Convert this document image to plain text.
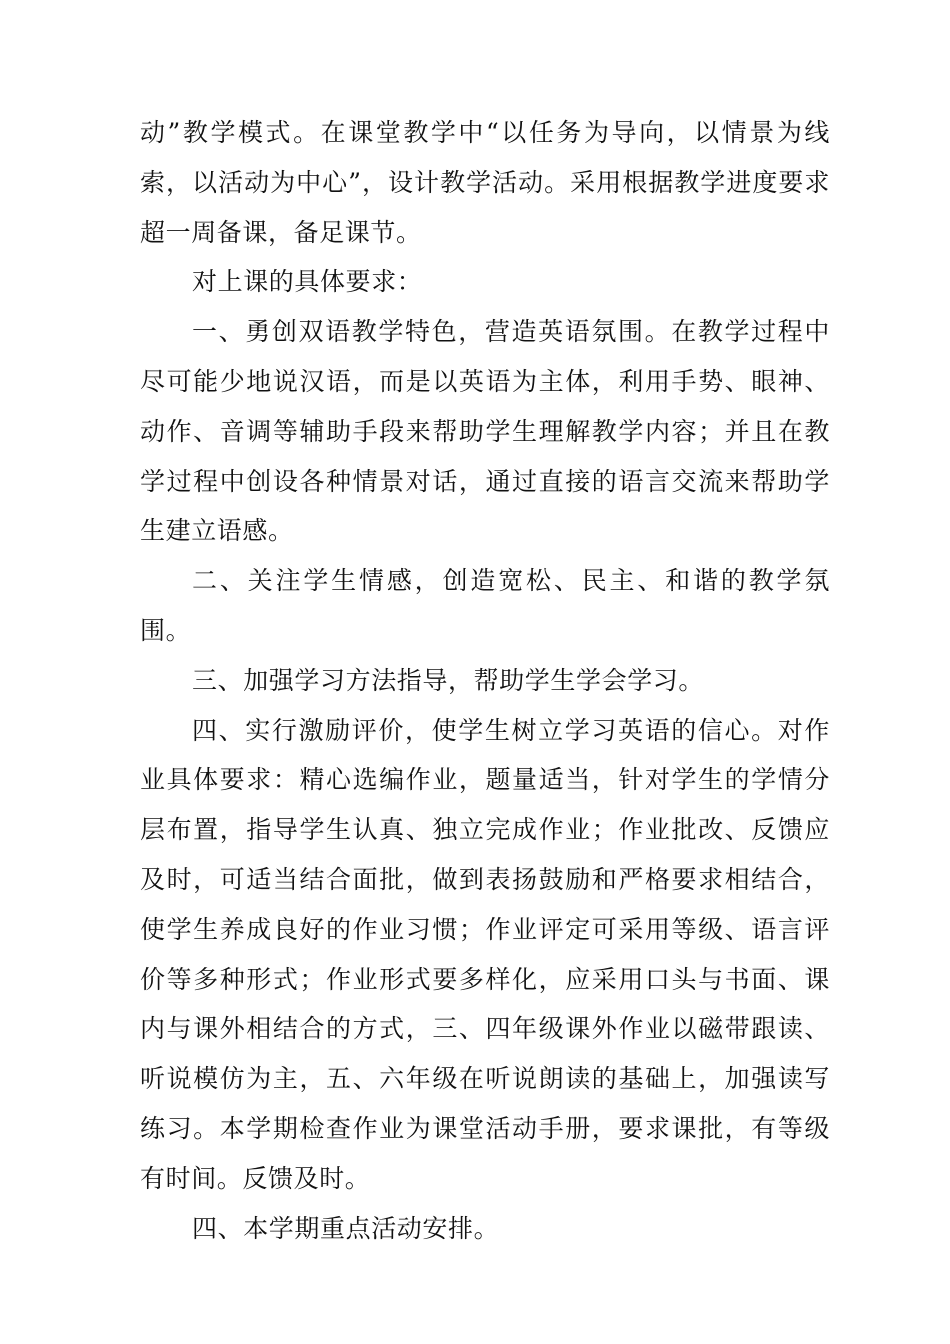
动”教学模式。在课堂教学中“以任务为导向，以情景为线索，以活动为中心”，设计教学活动。采用根据教学进度要求超一周备课，备足课节。

对上课的具体要求：

一、勇创双语教学特色，营造英语氛围。在教学过程中尽可能少地说汉语，而是以英语为主体，利用手势、眼神、动作、音调等辅助手段来帮助学生理解教学内容；并且在教学过程中创设各种情景对话，通过直接的语言交流来帮助学生建立语感。

二、关注学生情感，创造宽松、民主、和谐的教学氛围。

三、加强学习方法指导，帮助学生学会学习。

四、实行激励评价，使学生树立学习英语的信心。对作业具体要求：精心选编作业，题量适当，针对学生的学情分层布置，指导学生认真、独立完成作业；作业批改、反馈应及时，可适当结合面批，做到表扬鼓励和严格要求相结合，使学生养成良好的作业习惯；作业评定可采用等级、语言评价等多种形式；作业形式要多样化，应采用口头与书面、课内与课外相结合的方式，三、四年级课外作业以磁带跟读、听说模仿为主，五、六年级在听说朗读的基础上，加强读写练习。本学期检查作业为课堂活动手册，要求课批，有等级有时间。反馈及时。

四、本学期重点活动安排。
